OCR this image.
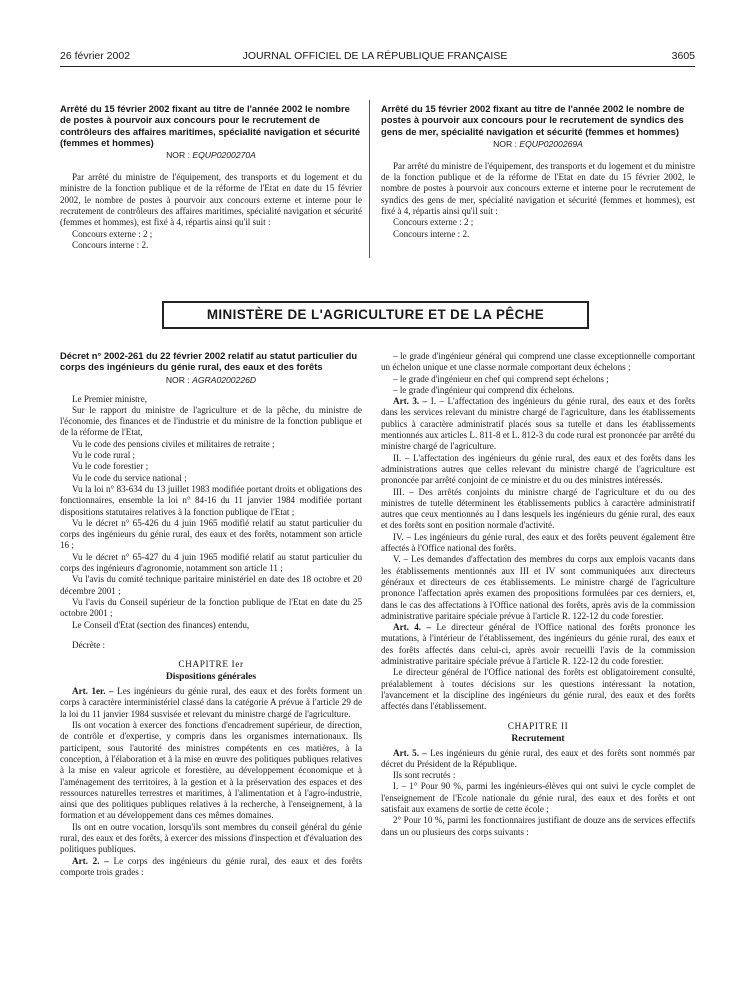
26 février 2002	JOURNAL OFFICIEL DE LA RÉPUBLIQUE FRANÇAISE	3605

Arrêté du 15 février 2002 fixant au titre de l'année 2002 le nombre de postes à pourvoir aux concours pour le recrutement de contrôleurs des affaires maritimes, spécialité navigation et sécurité (femmes et hommes)

NOR : EQUP0200270A

Par arrêté du ministre de l'équipement, des transports et du logement et du ministre de la fonction publique et de la réforme de l'Etat en date du 15 février 2002, le nombre de postes à pourvoir aux concours externe et interne pour le recrutement de contrôleurs des affaires maritimes, spécialité navigation et sécurité (femmes et hommes), est fixé à 4, répartis ainsi qu'il suit :

Concours externe : 2 ;

Concours interne : 2.

Arrêté du 15 février 2002 fixant au titre de l'année 2002 le nombre de postes à pourvoir aux concours pour le recrutement de syndics des gens de mer, spécialité navigation et sécurité (femmes et hommes)

NOR : EQUP0200269A

Par arrêté du ministre de l'équipement, des transports et du logement et du ministre de la fonction publique et de la réforme de l'Etat en date du 15 février 2002, le nombre de postes à pourvoir aux concours externe et interne pour le recrutement de syndics des gens de mer, spécialité navigation et sécurité (femmes et hommes), est fixé à 4, répartis ainsi qu'il suit :

Concours externe : 2 ;

Concours interne : 2.

MINISTÈRE DE L'AGRICULTURE ET DE LA PÊCHE

Décret n° 2002-261 du 22 février 2002 relatif au statut particulier du corps des ingénieurs du génie rural, des eaux et des forêts

NOR : AGRA0200226D

Le Premier ministre,

Sur le rapport du ministre de l'agriculture et de la pêche, du ministre de l'économie, des finances et de l'industrie et du ministre de la fonction publique et de la réforme de l'Etat,

Vu le code des pensions civiles et militaires de retraite ;

Vu le code rural ;

Vu le code forestier ;

Vu le code du service national ;

Vu la loi n° 83-634 du 13 juillet 1983 modifiée portant droits et obligations des fonctionnaires, ensemble la loi n° 84-16 du 11 janvier 1984 modifiée portant dispositions statutaires relatives à la fonction publique de l'Etat ;

Vu le décret n° 65-426 du 4 juin 1965 modifié relatif au statut particulier du corps des ingénieurs du génie rural, des eaux et des forêts, notamment son article 16 ;

Vu le décret n° 65-427 du 4 juin 1965 modifié relatif au statut particulier du corps des ingénieurs d'agronomie, notamment son article 11 ;

Vu l'avis du comité technique paritaire ministériel en date des 18 octobre et 20 décembre 2001 ;

Vu l'avis du Conseil supérieur de la fonction publique de l'Etat en date du 25 octobre 2001 ;

Le Conseil d'Etat (section des finances) entendu,

Décrète :

CHAPITRE Ier

Dispositions générales

Art. 1er. – Les ingénieurs du génie rural, des eaux et des forêts forment un corps à caractère interministériel classé dans la catégorie A prévue à l'article 29 de la loi du 11 janvier 1984 susvisée et relevant du ministre chargé de l'agriculture.

Ils ont vocation à exercer des fonctions d'encadrement supérieur, de direction, de contrôle et d'expertise, y compris dans les organismes internationaux. Ils participent, sous l'autorité des ministres compétents en ces matières, à la conception, à l'élaboration et à la mise en œuvre des politiques publiques relatives à la mise en valeur agricole et forestière, au développement économique et à l'aménagement des territoires, à la gestion et à la préservation des espaces et des ressources naturelles terrestres et maritimes, à l'alimentation et à l'agro-industrie, ainsi que des politiques publiques relatives à la recherche, à l'enseignement, à la formation et au développement dans ces mêmes domaines.

Ils ont en outre vocation, lorsqu'ils sont membres du conseil général du génie rural, des eaux et des forêts, à exercer des missions d'inspection et d'évaluation des politiques publiques.

Art. 2. – Le corps des ingénieurs du génie rural, des eaux et des forêts comporte trois grades :

– le grade d'ingénieur général qui comprend une classe exceptionnelle comportant un échelon unique et une classe normale comportant deux échelons ;

– le grade d'ingénieur en chef qui comprend sept échelons ;

– le grade d'ingénieur qui comprend dix échelons.

Art. 3. – I. – L'affectation des ingénieurs du génie rural, des eaux et des forêts dans les services relevant du ministre chargé de l'agriculture, dans les établissements publics à caractère administratif placés sous sa tutelle et dans les établissements mentionnés aux articles L. 811-8 et L. 812-3 du code rural est prononcée par arrêté du ministre chargé de l'agriculture.

II. – L'affectation des ingénieurs du génie rural, des eaux et des forêts dans les administrations autres que celles relevant du ministre chargé de l'agriculture est prononcée par arrêté conjoint de ce ministre et du ou des ministres intéressés.

III. – Des arrêtés conjoints du ministre chargé de l'agriculture et du ou des ministres de tutelle déterminent les établissements publics à caractère administratif autres que ceux mentionnés au I dans lesquels les ingénieurs du génie rural, des eaux et des forêts sont en position normale d'activité.

IV. – Les ingénieurs du génie rural, des eaux et des forêts peuvent également être affectés à l'Office national des forêts.

V. – Les demandes d'affectation des membres du corps aux emplois vacants dans les établissements mentionnés aux III et IV sont communiquées aux directeurs généraux et directeurs de ces établissements. Le ministre chargé de l'agriculture prononce l'affectation après examen des propositions formulées par ces derniers, et, dans le cas des affectations à l'Office national des forêts, après avis de la commission administrative paritaire spéciale prévue à l'article R. 122-12 du code forestier.

Art. 4. – Le directeur général de l'Office national des forêts prononce les mutations, à l'intérieur de l'établissement, des ingénieurs du génie rural, des eaux et des forêts affectés dans celui-ci, après avoir recueilli l'avis de la commission administrative paritaire spéciale prévue à l'article R. 122-12 du code forestier.

Le directeur général de l'Office national des forêts est obligatoirement consulté, préalablement à toutes décisions sur les questions intéressant la notation, l'avancement et la discipline des ingénieurs du génie rural, des eaux et des forêts affectés dans l'établissement.

CHAPITRE II

Recrutement

Art. 5. – Les ingénieurs du génie rural, des eaux et des forêts sont nommés par décret du Président de la République.

Ils sont recrutés :

I. – 1° Pour 90 %, parmi les ingénieurs-élèves qui ont suivi le cycle complet de l'enseignement de l'Ecole nationale du génie rural, des eaux et des forêts et ont satisfait aux examens de sortie de cette école ;

2° Pour 10 %, parmi les fonctionnaires justifiant de douze ans de services effectifs dans un ou plusieurs des corps suivants :
